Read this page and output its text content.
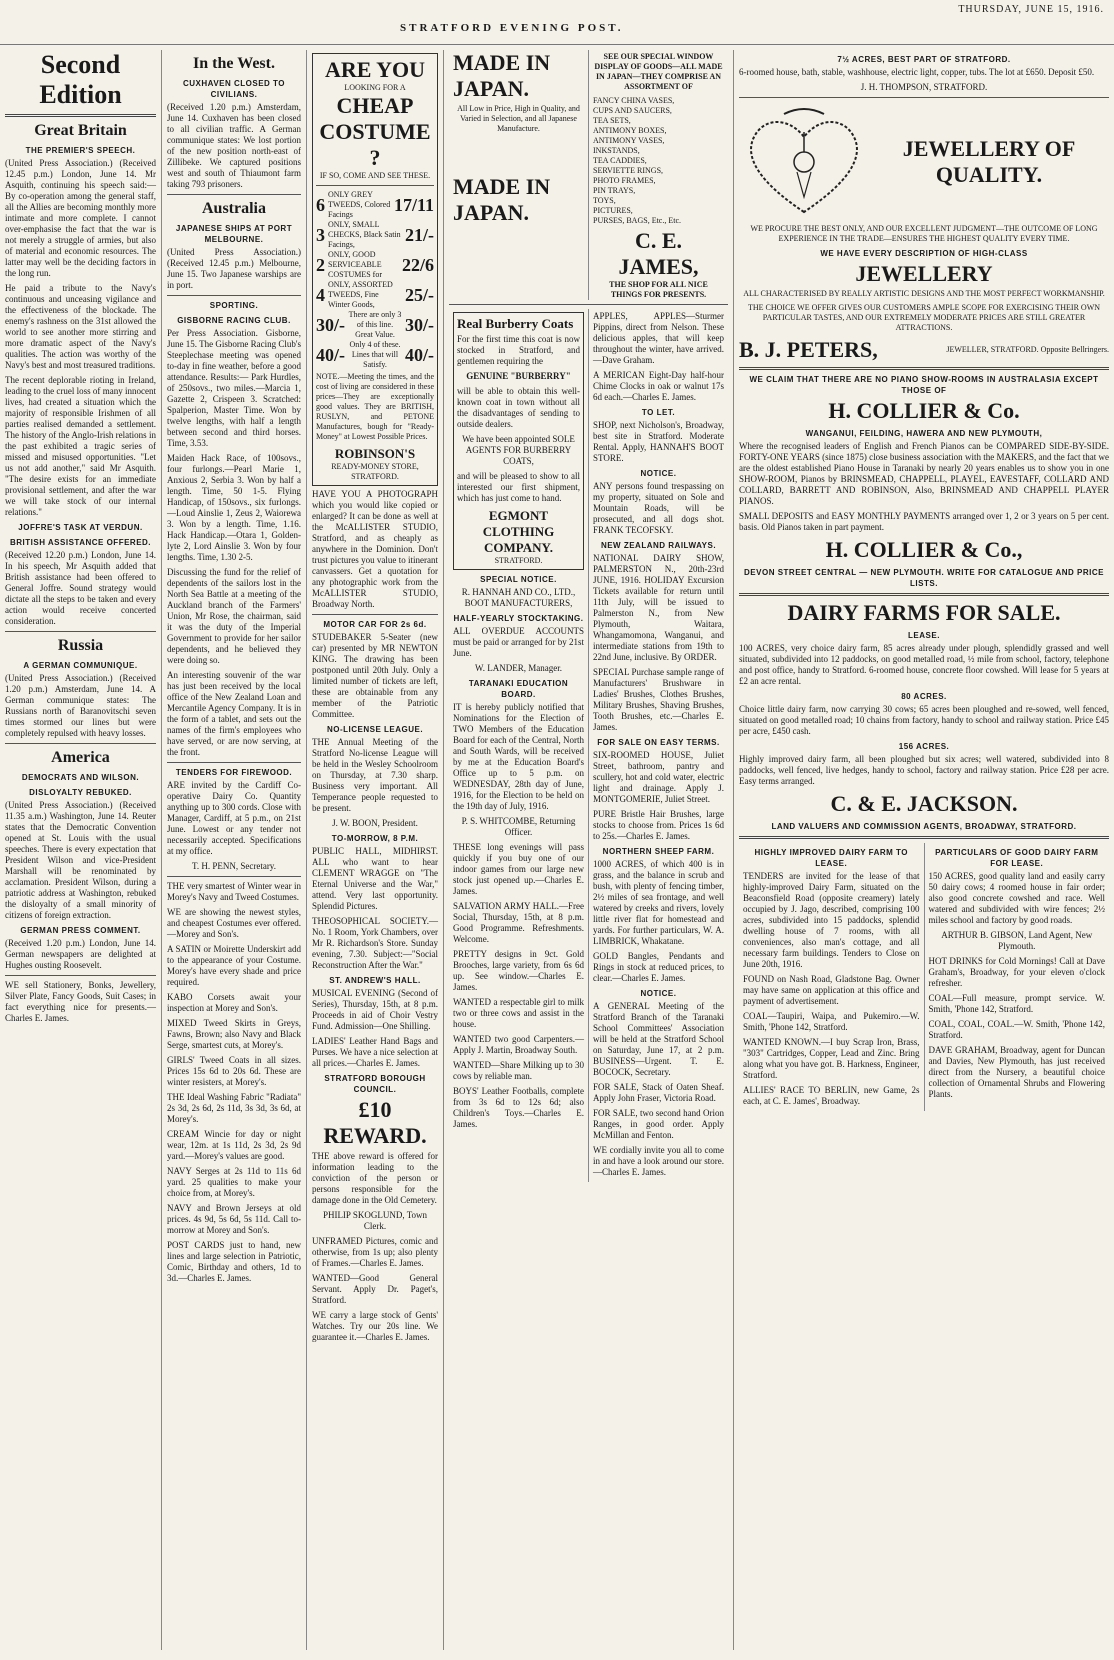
STRATFORD EVENING POST.
THURSDAY, JUNE 15, 1916.
Second Edition
Great Britain
THE PREMIER'S SPEECH.

(United Press Association.) (Received 12.45 p.m.) London, June 14. Mr Asquith, continuing his speech said:— By co-operation among the general staff, all the Allies are becoming monthly more intimate and more complete. I cannot over-emphasise the fact that the war is not merely a struggle of armies, but also of material and economic resources. The latter may well be the deciding factors in the long run.

He paid a tribute to the Navy's continuous and unceasing vigilance and the effectiveness of the blockade. The enemy's rashness on the 31st allowed the world to see another more stirring and more dramatic aspect of the Navy's qualities. The action was worthy of the Navy's best and most treasured traditions.

The recent deplorable rioting in Ireland, leading to the cruel loss of many innocent lives, had created a situation which the majority of responsible Irishmen of all parties realised demanded a settlement. The history of the Anglo-Irish relations in the past exhibited a tragic series of missed and misused opportunities. "Let us not add another," said Mr Asquith. "The desire exists for an immediate provisional settlement, and after the war we will take stock of our internal relations."

JOFFRE'S TASK AT VERDUN.
BRITISH ASSISTANCE OFFERED.

(Received 12.20 p.m.) London, June 14. In his speech, Mr Asquith added that British assistance had been offered to General Joffre. Sound strategy would dictate all the steps to be taken and every action would receive concerted consideration.

Russia
A GERMAN COMMUNIQUE.

(United Press Association.) (Received 1.20 p.m.) Amsterdam, June 14. A German communique states: The Russians north of Baranovitschi seven times stormed our lines but were completely repulsed with heavy losses.

America
DEMOCRATS AND WILSON.
DISLOYALTY REBUKED.

(United Press Association.) (Received 11.35 a.m.) Washington, June 14. Reuter states that the Democratic Convention opened at St. Louis with the usual speeches. There is every expectation that President Wilson and vice-President Marshall will be renominated by acclamation. President Wilson, during a patriotic address at Washington, rebuked the disloyalty of a small minority of citizens of foreign extraction.

GERMAN PRESS COMMENT.

(Received 1.20 p.m.) London, June 14. German newspapers are delighted at Hughes ousting Roosevelt.

WE sell Stationery, Bonks, Jewellery, Silver Plate, Fancy Goods, Suit Cases; in fact everything nice for presents.—Charles E. James.

In the West.
CUXHAVEN CLOSED TO CIVILIANS.

(Received 1.20 p.m.) Amsterdam, June 14. Cuxhaven has been closed to all civilian traffic. A German communique states: We lost portion of the new position north-east of Zillibeke. We captured positions west and south of Thiaumont farm taking 793 prisoners.

Australia
JAPANESE SHIPS AT PORT MELBOURNE.

(United Press Association.) (Received 12.45 p.m.) Melbourne, June 15. Two Japanese warships are in port.

SPORTING.
GISBORNE RACING CLUB.

Per Press Association. Gisborne, June 15. The Gisborne Racing Club's Steeplechase meeting was opened to-day in fine weather, before a good attendance. Results:— Park Hurdles, of 250sovs., two miles.—Marcia 1, Gazette 2, Crispeen 3. Scratched: Spalperion, Master Time. Won by twelve lengths, with half a length between second and third horses. Time, 3.53.

Maiden Hack Race, of 100sovs., four furlongs.—Pearl Marie 1, Anxious 2, Serbia 3. Won by half a length. Time, 50 1-5. Flying Handicap, of 150sovs., six furlongs.—Loud Ainslie 1, Zeus 2, Waiorewa 3. Won by a length. Time, 1.16. Hack Handicap.—Otara 1, Golden-lyte 2, Lord Ainslie 3. Won by four lengths. Time, 1.30 2-5.

Discussing the fund for the relief of dependents of the sailors lost in the North Sea Battle at a meeting of the Auckland branch of the Farmers' Union, Mr Rose, the chairman, said it was the duty of the Imperial Government to provide for her sailor dependents, and he believed they were doing so.

An interesting souvenir of the war has just been received by the local office of the New Zealand Loan and Mercantile Agency Company. It is in the form of a tablet, and sets out the names of the firm's employees who have served, or are now serving, at the front.

TENDERS FOR FIREWOOD.

ARE invited by the Cardiff Co-operative Dairy Co. Quantity anything up to 300 cords. Close with Manager, Cardiff, at 5 p.m., on 21st June. Lowest or any tender not necessarily accepted. Specifications at my office.

T. H. PENN, Secretary.

THE very smartest of Winter wear in Morey's Navy and Tweed Costumes.

WE are showing the newest styles, and cheapest Costumes ever offered.—Morey and Son's.

A SATIN or Moirette Underskirt add to the appearance of your Costume. Morey's have every shade and price required.

KABO Corsets await your inspection at Morey and Son's.

MIXED Tweed Skirts in Greys, Fawns, Brown; also Navy and Black Serge, smartest cuts, at Morey's.

GIRLS' Tweed Coats in all sizes. Prices 15s 6d to 20s 6d. These are winter resisters, at Morey's.

THE Ideal Washing Fabric "Radiata" 2s 3d, 2s 6d, 2s 11d, 3s 3d, 3s 6d, at Morey's.

CREAM Wincie for day or night wear, 12m. at 1s 11d, 2s 3d, 2s 9d yard.—Morey's values are good.

NAVY Serges at 2s 11d to 11s 6d yard. 25 qualities to make your choice from, at Morey's.

NAVY and Brown Jerseys at old prices. 4s 9d, 5s 6d, 5s 11d. Call to-morrow at Morey and Son's.

POST CARDS just to hand, new lines and large selection in Patriotic, Comic, Birthday and others, 1d to 3d.—Charles E. James.

ARE YOU
LOOKING FOR A
CHEAP COSTUME ?
IF SO, COME AND SEE THESE.
6 ONLY GREY TWEEDS, Colored Facings	17/11
3 ONLY, SMALL CHECKS, Black Satin Facings,	21/-
2 ONLY, GOOD SERVICEABLE COSTUMES for	22/6
4 ONLY, ASSORTED TWEEDS, Fine Winter Goods,	25/-
30/- There are only 3 of this line. Great Value. 30/-
40/- Only 4 of these. Lines that will Satisfy.	40/-

NOTE.—Meeting the times, and the cost of living are considered in these prices—They are exceptionally good values. They are BRITISH, RUSLYN, and PETONE Manufactures, bough for "Ready-Money" at Lowest Possible Prices.

ROBINSON'S
READY-MONEY STORE, STRATFORD.

HAVE YOU A PHOTOGRAPH which you would like copied or enlarged? It can be done as well at the McALLISTER STUDIO, Stratford, and as cheaply as anywhere in the Dominion. Don't trust pictures you value to itinerant canvassers. Get a quotation for any photographic work from the McALLISTER STUDIO, Broadway North.

MOTOR CAR FOR 2s 6d.

STUDEBAKER 5-Seater (new car) presented by MR NEWTON KING. The drawing has been postponed until 20th July. Only a limited number of tickets are left, these are obtainable from any member of the Patriotic Committee.

NO-LICENSE LEAGUE.

THE Annual Meeting of the Stratford No-license League will be held in the Wesley Schoolroom on Thursday, at 7.30 sharp. Business very important. All Temperance people requested to be present.

J. W. BOON, President.

TO-MORROW, 8 P.M.

PUBLIC HALL, MIDHIRST. ALL who want to hear CLEMENT WRAGGE on "The Eternal Universe and the War," attend. Very last opportunity. Splendid Pictures.

THEOSOPHICAL SOCIETY.—No. 1 Room, York Chambers, over Mr R. Richardson's Store. Sunday evening, 7.30. Subject:—"Social Reconstruction After the War."

ST. ANDREW'S HALL.

MUSICAL EVENING (Second of Series), Thursday, 15th, at 8 p.m. Proceeds in aid of Choir Vestry Fund. Admission—One Shilling.

LADIES' Leather Hand Bags and Purses. We have a nice selection at all prices.—Charles E. James.

STRATFORD BOROUGH COUNCIL.
£10 REWARD.

THE above reward is offered for information leading to the conviction of the person or persons responsible for the damage done in the Old Cemetery.

PHILIP SKOGLUND, Town Clerk.

UNFRAMED Pictures, comic and otherwise, from 1s up; also plenty of Frames.—Charles E. James.

WANTED—Good General Servant. Apply Dr. Paget's, Stratford.

WE carry a large stock of Gents' Watches. Try our 20s line. We guarantee it.—Charles E. James.

MADE IN JAPAN.

All Low in Price, High in Quality, and Varied in Selection, and all Japanese Manufacture.

MADE IN JAPAN.

SEE OUR SPECIAL WINDOW DISPLAY OF GOODS—ALL MADE IN JAPAN—THEY COMPRISE AN ASSORTMENT OF

FANCY CHINA VASES,
CUPS AND SAUCERS,
TEA SETS,
ANTIMONY BOXES,
ANTIMONY VASES,
INKSTANDS,
TEA CADDIES,
SERVIETTE RINGS,
PHOTO FRAMES,
PIN TRAYS,
TOYS,
PICTURES,
PURSES, BAGS, Etc., Etc.
C. E. JAMES,
THE SHOP FOR ALL NICE THINGS FOR PRESENTS.
Real Burberry Coats

For the first time this coat is now stocked in Stratford, and gentlemen requiring the

GENUINE "BURBERRY"

will be able to obtain this well-known coat in town without all the disadvantages of sending to outside dealers.

We have been appointed SOLE AGENTS FOR BURBERRY COATS,

and will be pleased to show to all interested our first shipment, which has just come to hand.

EGMONT CLOTHING COMPANY.
STRATFORD.
SPECIAL NOTICE.

R. HANNAH AND CO., LTD., BOOT MANUFACTURERS,

HALF-YEARLY STOCKTAKING.

ALL OVERDUE ACCOUNTS must be paid or arranged for by 21st June.

W. LANDER, Manager.

TARANAKI EDUCATION BOARD.

IT is hereby publicly notified that Nominations for the Election of TWO Members of the Education Board for each of the Central, North and South Wards, will be received by me at the Education Board's Office up to 5 p.m. on WEDNESDAY, 28th day of June, 1916, for the Election to be held on the 19th day of July, 1916.

P. S. WHITCOMBE, Returning Officer.

THESE long evenings will pass quickly if you buy one of our indoor games from our large new stock just opened up.—Charles E. James.

SALVATION ARMY HALL.—Free Social, Thursday, 15th, at 8 p.m. Good Programme. Refreshments. Welcome.

PRETTY designs in 9ct. Gold Brooches, large variety, from 6s 6d up. See window.—Charles E. James.

WANTED a respectable girl to milk two or three cows and assist in the house.

WANTED two good Carpenters.—Apply J. Martin, Broadway South.

WANTED—Share Milking up to 30 cows by reliable man.

BOYS' Leather Footballs, complete from 3s 6d to 12s 6d; also Children's Toys.—Charles E. James.

APPLES, APPLES—Sturmer Pippins, direct from Nelson. These delicious apples, that will keep throughout the winter, have arrived.—Dave Graham.

A MERICAN Eight-Day half-hour Chime Clocks in oak or walnut 17s 6d each.—Charles E. James.

TO LET.

SHOP, next Nicholson's, Broadway, best site in Stratford. Moderate Rental. Apply, HANNAH'S BOOT STORE.

NOTICE.

ANY persons found trespassing on my property, situated on Sole and Mountain Roads, will be prosecuted, and all dogs shot. FRANK TECOFSKY.

NEW ZEALAND RAILWAYS.

NATIONAL DAIRY SHOW, PALMERSTON N., 20th-23rd JUNE, 1916. HOLIDAY Excursion Tickets available for return until 11th July, will be issued to Palmerston N., from New Plymouth, Waitara, Whangamomona, Wanganui, and intermediate stations from 19th to 22nd June, inclusive. By ORDER.

SPECIAL Purchase sample range of Manufacturers' Brushware in Ladies' Brushes, Clothes Brushes, Military Brushes, Shaving Brushes, Tooth Brushes, etc.—Charles E. James.

FOR SALE ON EASY TERMS.

SIX-ROOMED HOUSE, Juliet Street, bathroom, pantry and scullery, hot and cold water, electric light and drainage. Apply J. MONTGOMERIE, Juliet Street.

PURE Bristle Hair Brushes, large stocks to choose from. Prices 1s 6d to 25s.—Charles E. James.

NORTHERN SHEEP FARM.

1000 ACRES, of which 400 is in grass, and the balance in scrub and bush, with plenty of fencing timber, 2½ miles of sea frontage, and well watered by creeks and rivers, lovely little river flat for homestead and yards. For further particulars, W. A. LIMBRICK, Whakatane.

GOLD Bangles, Pendants and Rings in stock at reduced prices, to clear.—Charles E. James.

NOTICE.

A GENERAL Meeting of the Stratford Branch of the Taranaki School Committees' Association will be held at the Stratford School on Saturday, June 17, at 2 p.m. BUSINESS—Urgent. T. E. BOCOCK, Secretary.

FOR SALE, Stack of Oaten Sheaf. Apply John Fraser, Victoria Road.

FOR SALE, two second hand Orion Ranges, in good order. Apply McMillan and Fenton.

WE cordially invite you all to come in and have a look around our store.—Charles E. James.

7½ ACRES, BEST PART OF STRATFORD.

6-roomed house, bath, stable, washhouse, electric light, copper, tubs. The lot at £650. Deposit £50.

J. H. THOMPSON, STRATFORD.

JEWELLERY OF QUALITY.

WE PROCURE THE BEST ONLY, AND OUR EXCELLENT JUDGMENT—THE OUTCOME OF LONG EXPERIENCE IN THE TRADE—ENSURES THE HIGHEST QUALITY EVERY TIME.

WE HAVE EVERY DESCRIPTION OF HIGH-CLASS
JEWELLERY

ALL CHARACTERISED BY REALLY ARTISTIC DESIGNS AND THE MOST PERFECT WORKMANSHIP.

THE CHOICE WE OFFER GIVES OUR CUSTOMERS AMPLE SCOPE FOR EXERCISING THEIR OWN PARTICULAR TASTES, AND OUR EXTREMELY MODERATE PRICES ARE STILL GREATER ATTRACTIONS.

B. J. PETERS,	JEWELLER, STRATFORD. Opposite Bellringers.
WE CLAIM THAT THERE ARE NO PIANO SHOW-ROOMS IN AUSTRALASIA EXCEPT THOSE OF
H. COLLIER & Co.
WANGANUI, FEILDING, HAWERA AND NEW PLYMOUTH,

Where the recognised leaders of English and French Pianos can be COMPARED SIDE-BY-SIDE. FORTY-ONE YEARS (since 1875) close business association with the MAKERS, and the fact that we are the oldest established Piano House in Taranaki by nearly 20 years enables us to show you in one SHOW-ROOM, Pianos by BRINSMEAD, CHAPPELL, PLAYEL, EAVESTAFF, COLLARD AND COLLARD, BARRETT AND ROBINSON, Also, BRINSMEAD AND CHAPPELL PLAYER PIANOS.

SMALL DEPOSITS and EASY MONTHLY PAYMENTS arranged over 1, 2 or 3 years on 5 per cent. basis. Old Pianos taken in part payment.

H. COLLIER & Co.,
DEVON STREET CENTRAL — NEW PLYMOUTH. WRITE FOR CATALOGUE AND PRICE LISTS.
DAIRY FARMS FOR SALE.
LEASE.

100 ACRES, very choice dairy farm, 85 acres already under plough, splendidly grassed and well situated, subdivided into 12 paddocks, on good metalled road, ½ mile from school, factory, telephone and post office, handy to Stratford. 6-roomed house, concrete floor cowshed. Will lease for 5 years at £2 an acre rental.

80 ACRES.

Choice little dairy farm, now carrying 30 cows; 65 acres been ploughed and re-sowed, well fenced, situated on good metalled road; 10 chains from factory, handy to school and railway station. Price £45 per acre, £450 cash.

156 ACRES.

Highly improved dairy farm, all been ploughed but six acres; well watered, subdivided into 8 paddocks, well fenced, live hedges, handy to school, factory and railway station. Price £28 per acre. Easy terms arranged.

C. & E. JACKSON.
LAND VALUERS AND COMMISSION AGENTS, BROADWAY, STRATFORD.
HIGHLY IMPROVED DAIRY FARM TO LEASE.

TENDERS are invited for the lease of that highly-improved Dairy Farm, situated on the Beaconsfield Road (opposite creamery) lately occupied by J. Jago, described, comprising 100 acres, subdivided into 15 paddocks, splendid dwelling house of 7 rooms, with all conveniences, also man's cottage, and all necessary farm buildings. Tenders to Close on June 20th, 1916.

FOUND on Nash Road, Gladstone Bag. Owner may have same on application at this office and payment of advertisement.

COAL—Taupiri, Waipa, and Pukemiro.—W. Smith, 'Phone 142, Stratford.

WANTED KNOWN.—I buy Scrap Iron, Brass, "303" Cartridges, Copper, Lead and Zinc. Bring along what you have got. B. Harkness, Engineer, Stratford.

ALLIES' RACE TO BERLIN, new Game, 2s each, at C. E. James', Broadway.

PARTICULARS OF GOOD DAIRY FARM FOR LEASE.

150 ACRES, good quality land and easily carry 50 dairy cows; 4 roomed house in fair order; also good concrete cowshed and race. Well watered and subdivided with wire fences; 2½ miles school and factory by good roads.

ARTHUR B. GIBSON, Land Agent, New Plymouth.

HOT DRINKS for Cold Mornings! Call at Dave Graham's, Broadway, for your eleven o'clock refresher.

COAL—Full measure, prompt service. W. Smith, 'Phone 142, Stratford.

COAL, COAL, COAL.—W. Smith, 'Phone 142, Stratford.

DAVE GRAHAM, Broadway, agent for Duncan and Davies, New Plymouth, has just received direct from the Nursery, a beautiful choice collection of Ornamental Shrubs and Flowering Plants.
